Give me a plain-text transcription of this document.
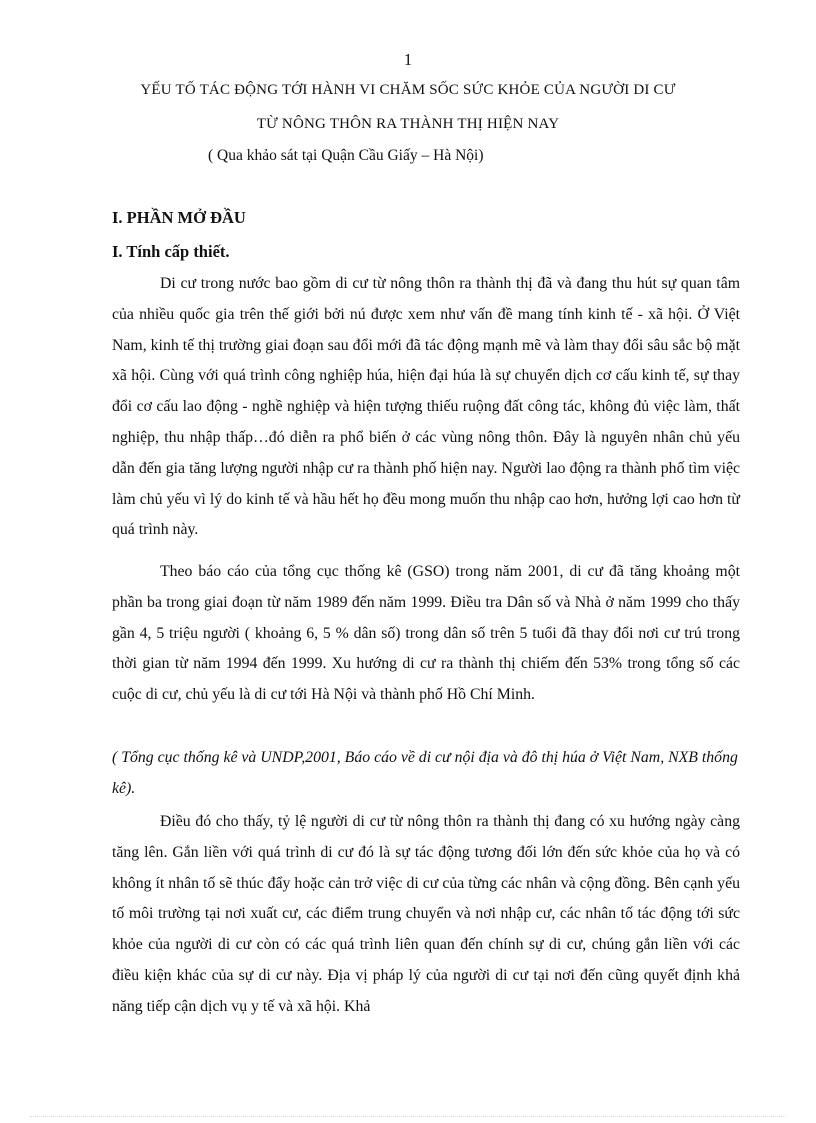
1
YẾU TỐ TÁC ĐỘNG TỚI HÀNH VI CHĂM SỐC SỨC KHỎE CỦA NGƯỜI DI CƯ
TỪ NÔNG THÔN RA THÀNH THỊ HIỆN NAY
( Qua khảo sát tại Quận Cầu Giấy – Hà Nội)
I. PHẦN MỞ ĐẦU
I. Tính cấp thiết.

Di cư trong nước bao gồm di cư từ nông thôn ra thành thị đã và đang thu hút sự quan tâm của nhiều quốc gia trên thế giới bởi nú được xem như vấn đề mang tính kinh tế - xã hội. Ở Việt Nam, kinh tế thị trường giai đoạn sau đổi mới đã tác động mạnh mẽ và làm thay đổi sâu sắc bộ mặt xã hội. Cùng với quá trình công nghiệp húa, hiện đại húa là sự chuyển dịch cơ cấu kinh tế, sự thay đổi cơ cấu lao động - nghề nghiệp và hiện tượng thiếu ruộng đất công tác, không đủ việc làm, thất nghiệp, thu nhập thấp…đó diễn ra phổ biến ở các vùng nông thôn. Đây là nguyên nhân chủ yếu dẫn đến gia tăng lượng người nhập cư ra thành phố hiện nay. Người lao động ra thành phố tìm việc làm chủ yếu vì lý do kinh tế và hầu hết họ đều mong muốn thu nhập cao hơn, hưởng lợi cao hơn từ quá trình này.

Theo báo cáo của tổng cục thống kê (GSO) trong năm 2001, di cư đã tăng khoảng một phần ba trong giai đoạn từ năm 1989 đến năm 1999. Điều tra Dân số và Nhà ở năm 1999 cho thấy gần 4, 5 triệu người ( khoảng 6, 5 % dân số) trong dân số trên 5 tuổi đã thay đổi nơi cư trú trong thời gian từ năm 1994 đến 1999. Xu hướng di cư ra thành thị chiếm đến 53% trong tổng số các cuộc di cư, chủ yếu là di cư tới Hà Nội và thành phố Hồ Chí Minh.

( Tổng cục thống kê và UNDP,2001, Báo cáo về di cư nội địa và đô thị húa ở Việt Nam, NXB thống kê).

Điều đó cho thấy, tỷ lệ người di cư từ nông thôn ra thành thị đang có xu hướng ngày càng tăng lên. Gắn liền với quá trình di cư đó là sự tác động tương đối lớn đến sức khỏe của họ và có không ít nhân tố sẽ thúc đẩy hoặc cản trở việc di cư của từng các nhân và cộng đồng. Bên cạnh yếu tố môi trường tại nơi xuất cư, các điểm trung chuyển và nơi nhập cư, các nhân tố tác động tới sức khỏe của người di cư còn có các quá trình liên quan đến chính sự di cư, chúng gắn liền với các điều kiện khác của sự di cư này. Địa vị pháp lý của người di cư tại nơi đến cũng quyết định khả năng tiếp cận dịch vụ y tế và xã hội. Khả
